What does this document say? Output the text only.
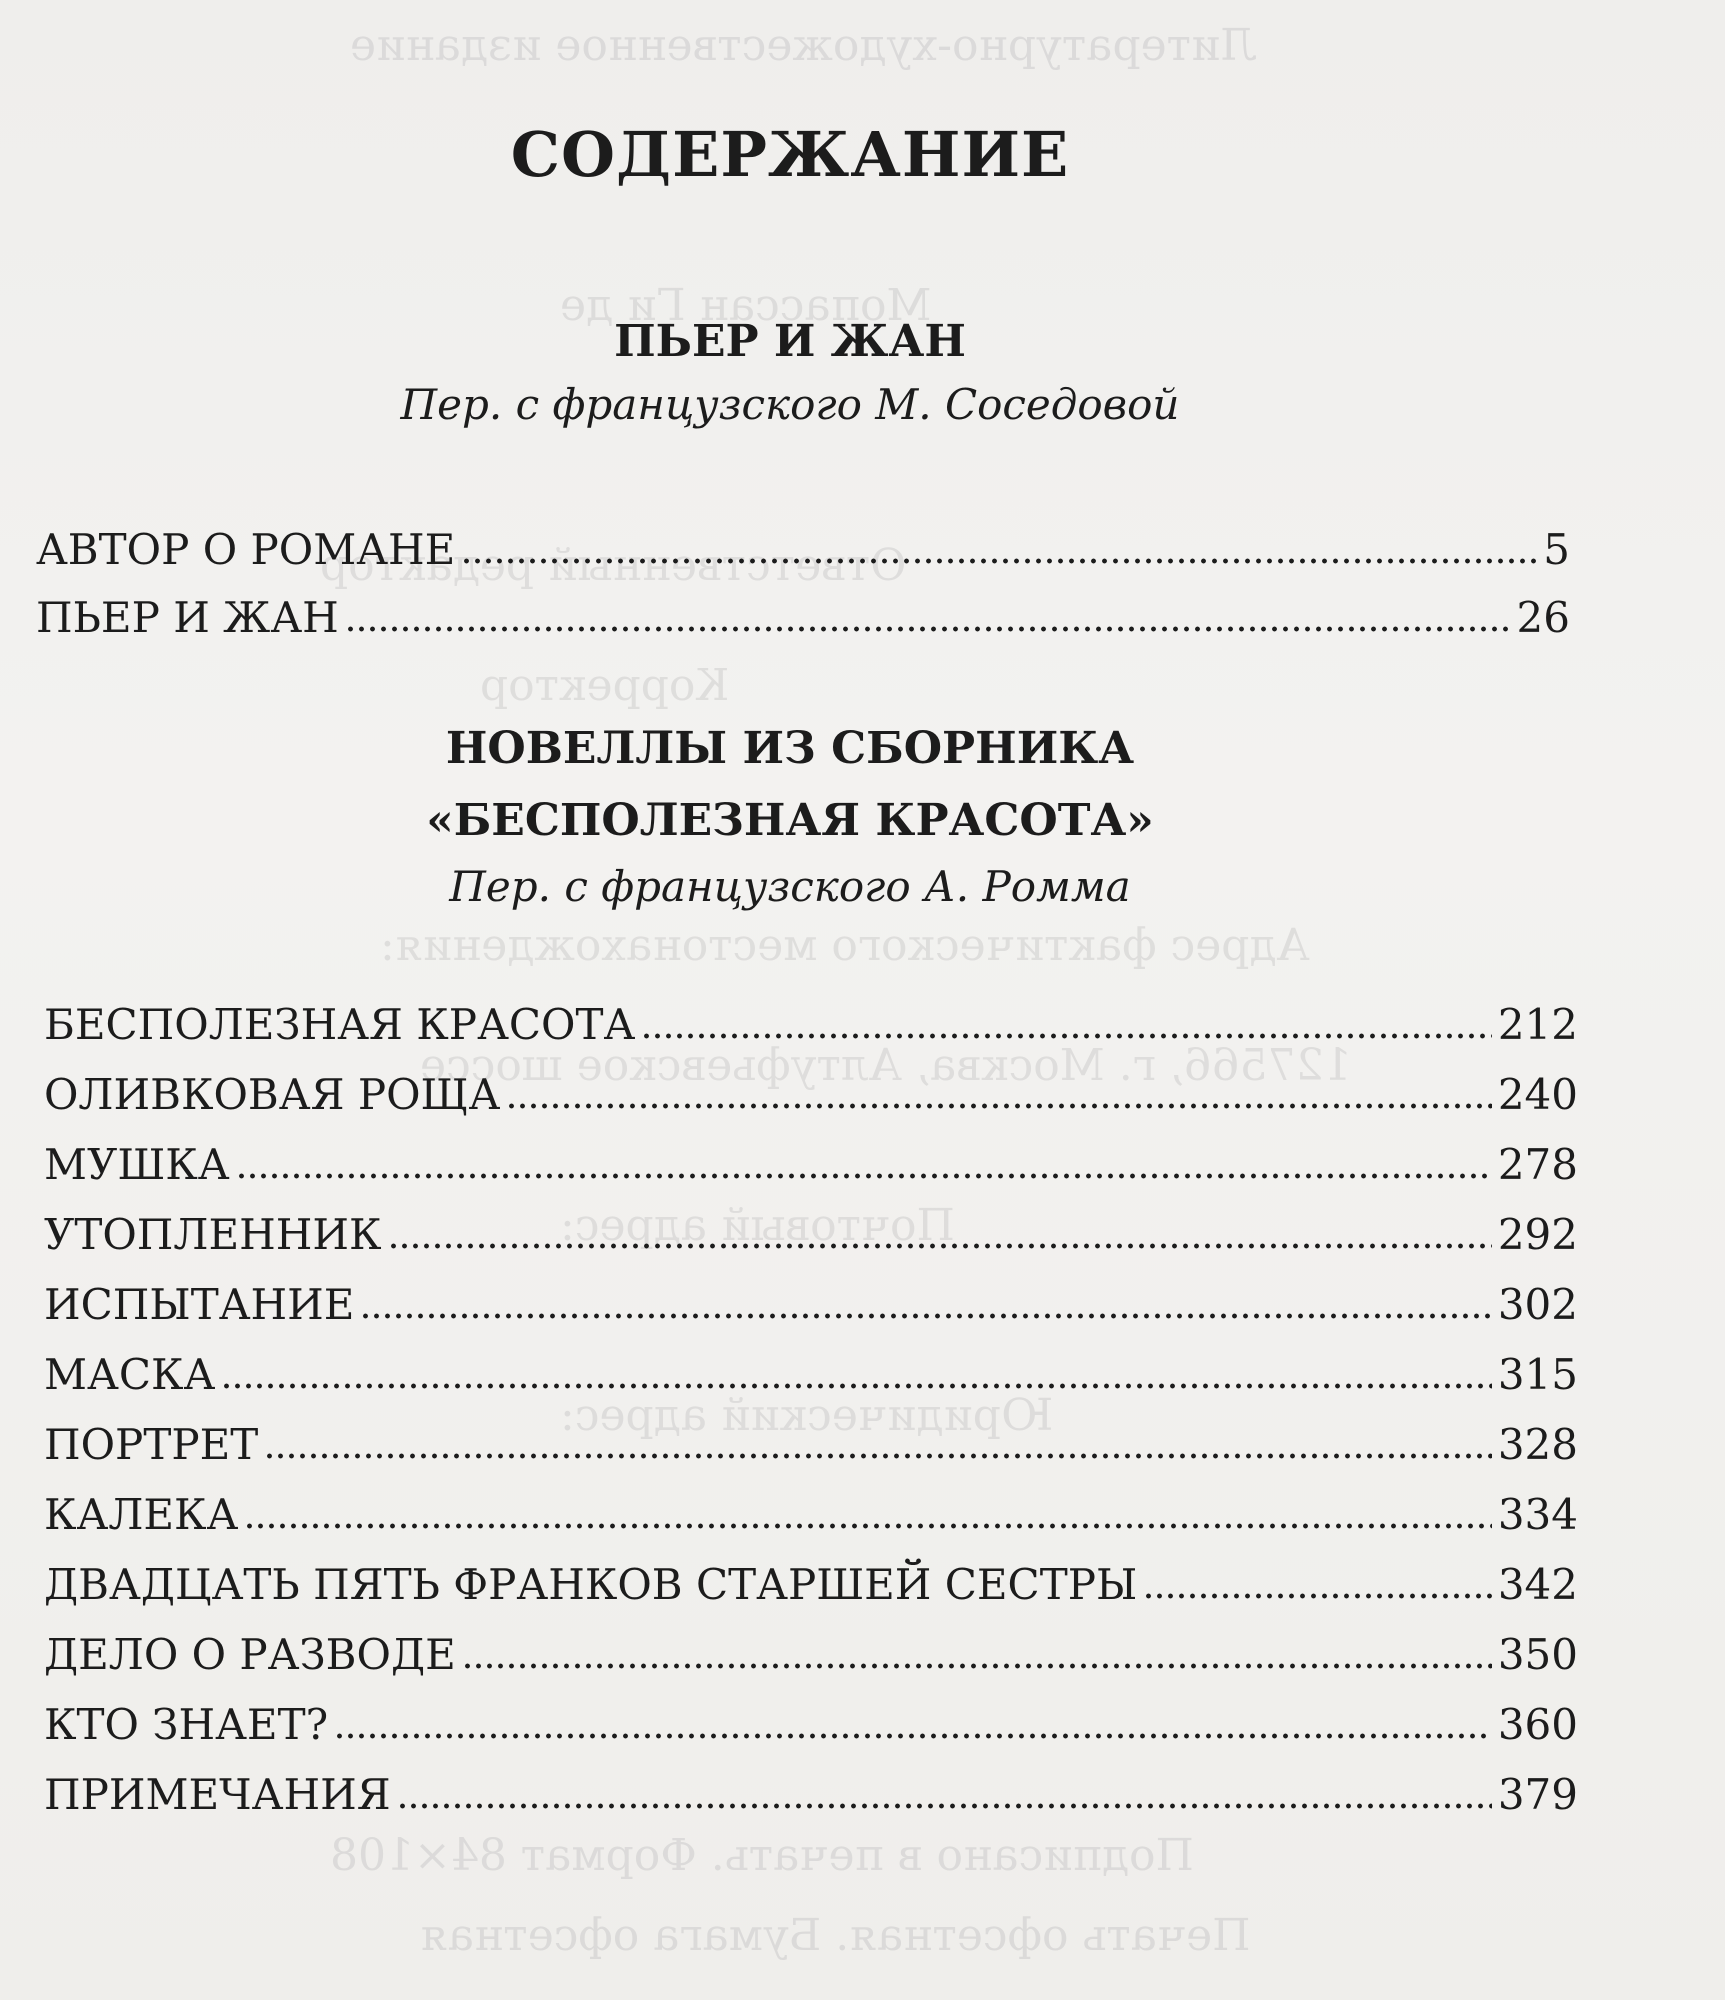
Литературно-художественное издание
Мопассан Ги де
Ответственный редактор
Корректор
Адрес фактического местонахождения:
127566, г. Москва, Алтуфьевское шоссе
Почтовый адрес:
Юридический адрес:
Подписано в печать. Формат 84×108
Печать офсетная. Бумага офсетная
СОДЕРЖАНИЕ
ПЬЕР И ЖАН

Пер. с французского М. Соседовой

АВТОР О РОМАНЕ	5
ПЬЕР И ЖАН	26
НОВЕЛЛЫ ИЗ СБОРНИКА
«БЕСПОЛЕЗНАЯ КРАСОТА»

Пер. с французского А. Ромма

БЕСПОЛЕЗНАЯ КРАСОТА	212
ОЛИВКОВАЯ РОЩА	240
МУШКА	278
УТОПЛЕННИК	292
ИСПЫТАНИЕ	302
МАСКА	315
ПОРТРЕТ	328
КАЛЕКА	334
ДВАДЦАТЬ ПЯТЬ ФРАНКОВ СТАРШЕЙ СЕСТРЫ	342
ДЕЛО О РАЗВОДЕ	350
КТО ЗНАЕТ?	360
ПРИМЕЧАНИЯ	379
